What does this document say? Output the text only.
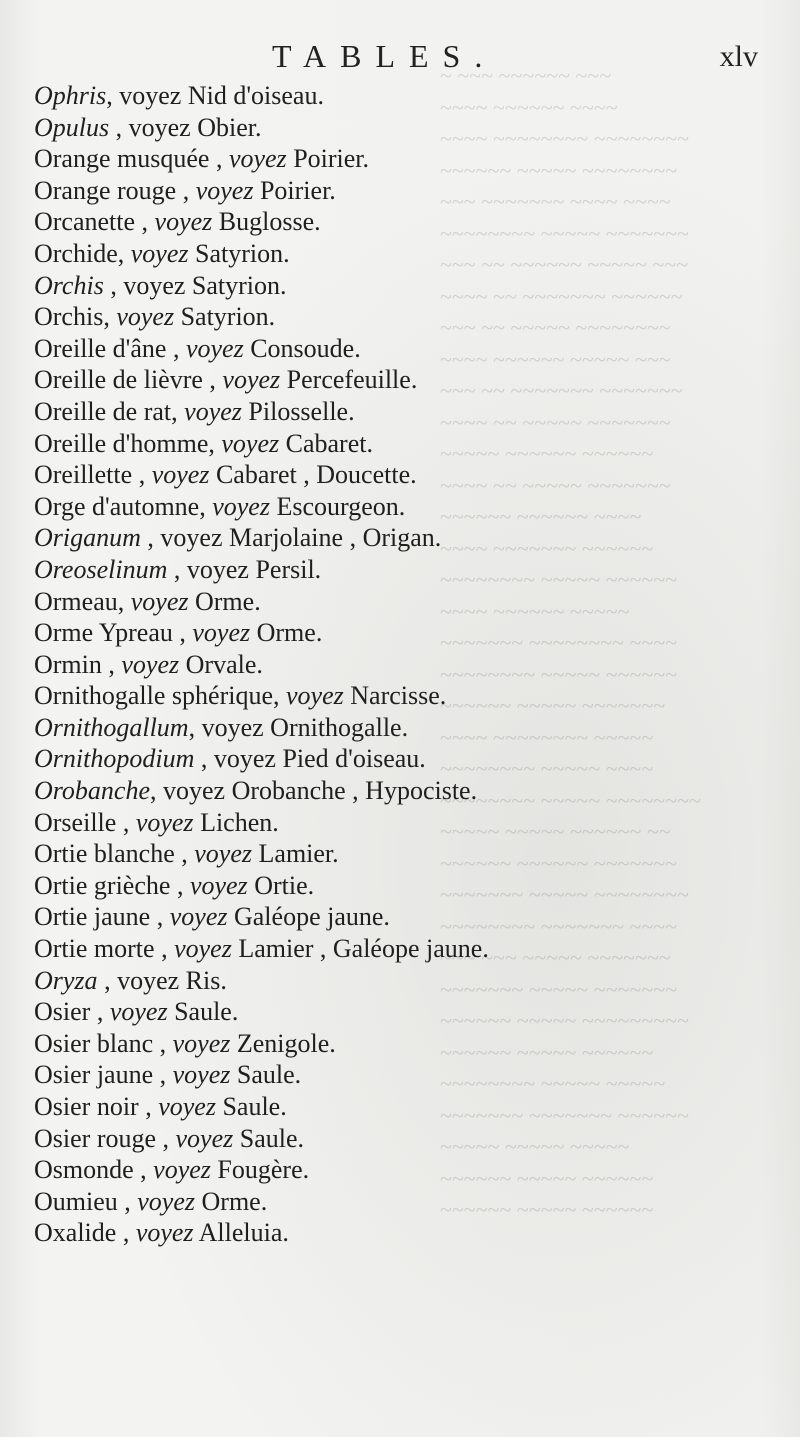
~ ~~~ ~~~~~~ ~~~
~~~~ ~~~~~~ ~~~~
~~~~ ~~~~~~~~ ~~~~~~~~
~~~~~~ ~~~~~ ~~~~~~~~
~~~ ~~~~~~~ ~~~~ ~~~~
~~~~~~~~ ~~~~~ ~~~~~~~
~~~ ~~ ~~~~~~ ~~~~~ ~~~
~~~~ ~~ ~~~~~~~ ~~~~~~
~~~ ~~ ~~~~~ ~~~~~~~~
~~~~ ~~~~~~ ~~~~~ ~~~
~~~ ~~ ~~~~~~~ ~~~~~~~
~~~~ ~~ ~~~~~ ~~~~~~~
~~~~~ ~~~~~~ ~~~~~~
~~~~ ~~ ~~~~~ ~~~~~~~
~~~~~~ ~~~~~~ ~~~~
~~~~ ~~~~~~~ ~~~~~~
~~~~~~~~ ~~~~~ ~~~~~~
~~~~ ~~~~~~ ~~~~~
~~~~~~~ ~~~~~~~~ ~~~~
~~~~~~~~ ~~~~~ ~~~~~~
~~~~~~ ~~~~~ ~~~~~~~
~~~~ ~~~~~~~~ ~~~~~
~~~~~~~~ ~~~~~ ~~~~
~~~~~~~~ ~~~~~ ~~~~~~~~
~~~~~ ~~~~~ ~~~~~~ ~~
~~~~~~ ~~~~~~ ~~~~~~~
~~~~~~~ ~~~~~ ~~~~~~~~
~~~~~~~~ ~~~~~~~ ~~~~
~~~ ~~~ ~~~~~ ~~~~~~~
~~~~~~~ ~~~~~ ~~~~~~~
~~~~~~ ~~~~~ ~~~~~~~~~
~~~~~~ ~~~~~ ~~~~~~
~~~~~~~~ ~~~~~ ~~~~~
~~~~~~~ ~~~~~~~ ~~~~~~
~~~~~ ~~~~~ ~~~~~
~~~~~~ ~~~~~ ~~~~~~
~~~~~~ ~~~~~ ~~~~~~
TABLES.	xlv
Ophris, voyez Nid d'oiseau.
Opulus , voyez Obier.
Orange musquée , voyez Poirier.
Orange rouge , voyez Poirier.
Orcanette , voyez Buglosse.
Orchide, voyez Satyrion.
Orchis , voyez Satyrion.
Orchis, voyez Satyrion.
Oreille d'âne , voyez Consoude.
Oreille de lièvre , voyez Percefeuille.
Oreille de rat, voyez Pilosselle.
Oreille d'homme, voyez Cabaret.
Oreillette , voyez Cabaret , Doucette.
Orge d'automne, voyez Escourgeon.
Origanum , voyez Marjolaine , Origan.
Oreoselinum , voyez Persil.
Ormeau, voyez Orme.
Orme Ypreau , voyez Orme.
Ormin , voyez Orvale.
Ornithogalle sphérique, voyez Narcisse.
Ornithogallum, voyez Ornithogalle.
Ornithopodium , voyez Pied d'oiseau.
Orobanche, voyez Orobanche , Hypociste.
Orseille , voyez Lichen.
Ortie blanche , voyez Lamier.
Ortie grièche , voyez Ortie.
Ortie jaune , voyez Galéope jaune.
Ortie morte , voyez Lamier , Galéope jaune.
Oryza , voyez Ris.
Osier , voyez Saule.
Osier blanc , voyez Zenigole.
Osier jaune , voyez Saule.
Osier noir , voyez Saule.
Osier rouge , voyez Saule.
Osmonde , voyez Fougère.
Oumieu , voyez Orme.
Oxalide , voyez Alleluia.
